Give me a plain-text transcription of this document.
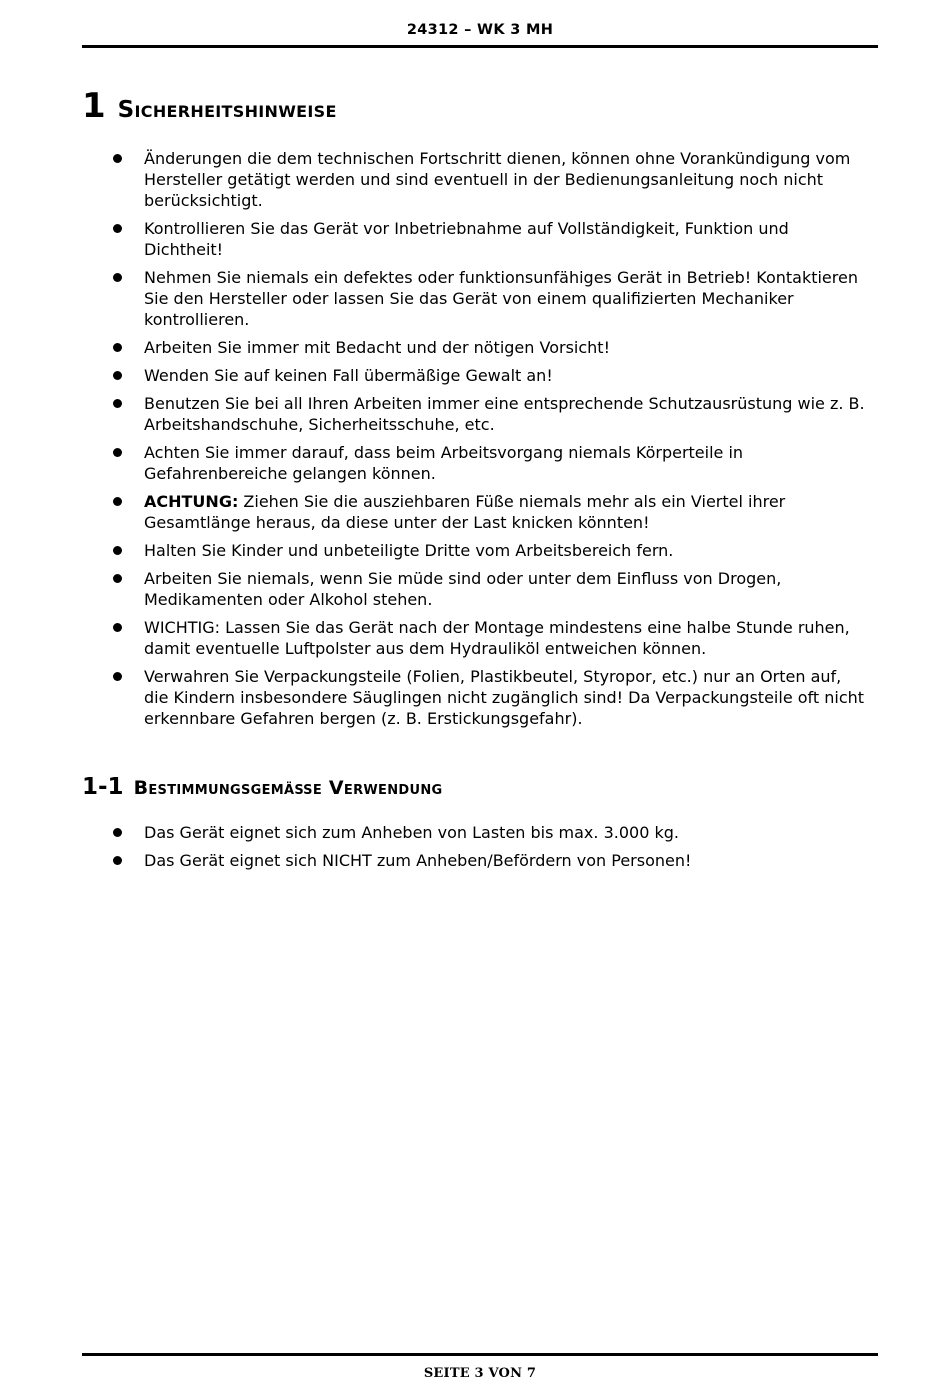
24312 – WK 3 MH
1 Sicherheitshinweise
Änderungen die dem technischen Fortschritt dienen, können ohne Vorankündigung vom Hersteller getätigt werden und sind eventuell in der Bedienungsanleitung noch nicht berücksichtigt.
Kontrollieren Sie das Gerät vor Inbetriebnahme auf Vollständigkeit, Funktion und Dichtheit!
Nehmen Sie niemals ein defektes oder funktionsunfähiges Gerät in Betrieb! Kontaktieren Sie den Hersteller oder lassen Sie das Gerät von einem qualifizierten Mechaniker kontrollieren.
Arbeiten Sie immer mit Bedacht und der nötigen Vorsicht!
Wenden Sie auf keinen Fall übermäßige Gewalt an!
Benutzen Sie bei all Ihren Arbeiten immer eine entsprechende Schutzausrüstung wie z. B. Arbeitshandschuhe, Sicherheitsschuhe, etc.
Achten Sie immer darauf, dass beim Arbeitsvorgang niemals Körperteile in Gefahrenbereiche gelangen können.
ACHTUNG: Ziehen Sie die ausziehbaren Füße niemals mehr als ein Viertel ihrer Gesamtlänge heraus, da diese unter der Last knicken könnten!
Halten Sie Kinder und unbeteiligte Dritte vom Arbeitsbereich fern.
Arbeiten Sie niemals, wenn Sie müde sind oder unter dem Einfluss von Drogen, Medikamenten oder Alkohol stehen.
WICHTIG: Lassen Sie das Gerät nach der Montage mindestens eine halbe Stunde ruhen, damit eventuelle Luftpolster aus dem Hydrauliköl entweichen können.
Verwahren Sie Verpackungsteile (Folien, Plastikbeutel, Styropor, etc.) nur an Orten auf, die Kindern insbesondere Säuglingen nicht zugänglich sind! Da Verpackungsteile oft nicht erkennbare Gefahren bergen (z. B. Erstickungsgefahr).
1-1 Bestimmungsgemäße Verwendung
Das Gerät eignet sich zum Anheben von Lasten bis max. 3.000 kg.
Das Gerät eignet sich NICHT zum Anheben/Befördern von Personen!
SEITE 3 VON 7
